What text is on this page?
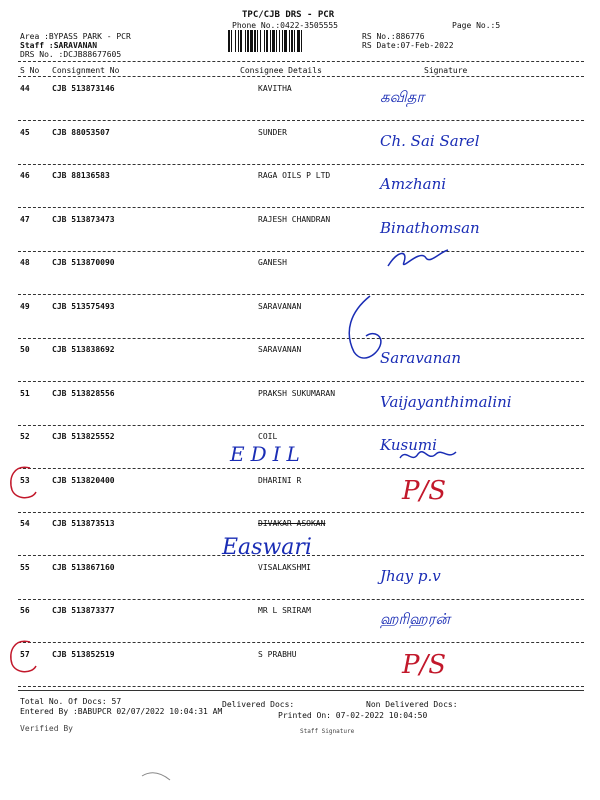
TPC/CJB DRS - PCR
Phone No.:0422-3505555	Page No.:5
Area :BYPASS PARK - PCR
Staff :SARAVANAN
DRS No. :DCJB88677605
RS No.:886776
RS Date:07-Feb-2022
S No Consignment No	Consignee Details	Signature
44	CJB 513873146	KAVITHA	கவிதா
45	CJB 88053507	SUNDER	Ch. Sai Sarel
46	CJB 88136583	RAGA OILS P LTD	Amzhani
47	CJB 513873473	RAJESH CHANDRAN	Binathomsan
48	CJB 513870090	GANESH
49	CJB 513575493	SARAVANAN
50	CJB 513838692	SARAVANAN	Saravanan
51	CJB 513828556	PRAKSH SUKUMARAN	Vaijayanthimalini
52	CJB 513825552	COIL	Kusumi
EDIL
53	CJB 513820400	DHARINI R	P/S
54	CJB 513873513	DIVAKAR ASOKAN
Easwari
55	CJB 513867160	VISALAKSHMI	Jhay p.v
56	CJB 513873377	MR L SRIRAM	ஹரிஹரன்
57	CJB 513852519	S PRABHU	P/S
Total No. Of Docs: 57	Delivered Docs:	Non Delivered Docs:
Entered By :BABUPCR 02/07/2022 10:04:31 AM	Printed On: 07-02-2022 10:04:50
Verified By	Staff Signature
